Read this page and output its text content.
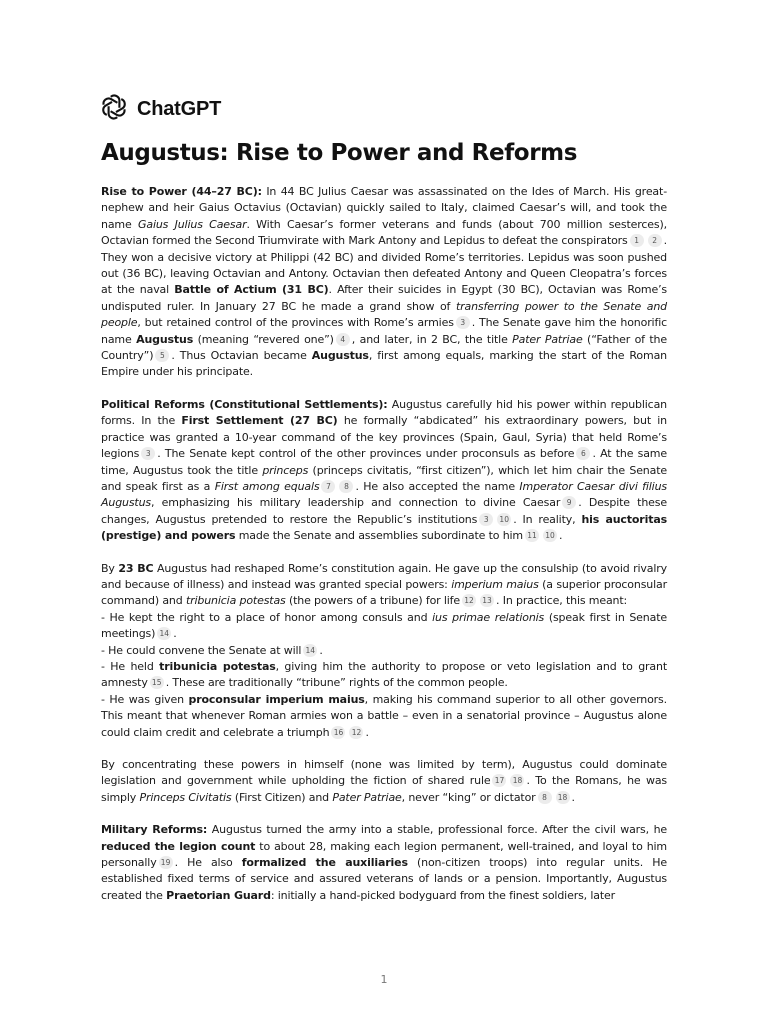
ChatGPT
Augustus: Rise to Power and Reforms

Rise to Power (44–27 BC): In 44 BC Julius Caesar was assassinated on the Ides of March. His great-nephew and heir Gaius Octavius (Octavian) quickly sailed to Italy, claimed Caesar’s will, and took the name Gaius Julius Caesar. With Caesar’s former veterans and funds (about 700 million sesterces), Octavian formed the Second Triumvirate with Mark Antony and Lepidus to defeat the conspirators 1 2 . They won a decisive victory at Philippi (42 BC) and divided Rome’s territories. Lepidus was soon pushed out (36 BC), leaving Octavian and Antony. Octavian then defeated Antony and Queen Cleopatra’s forces at the naval Battle of Actium (31 BC). After their suicides in Egypt (30 BC), Octavian was Rome’s undisputed ruler. In January 27 BC he made a grand show of transferring power to the Senate and people, but retained control of the provinces with Rome’s armies 3 . The Senate gave him the honorific name Augustus (meaning “revered one”) 4 , and later, in 2 BC, the title Pater Patriae (“Father of the Country”) 5 . Thus Octavian became Augustus, first among equals, marking the start of the Roman Empire under his principate.

Political Reforms (Constitutional Settlements): Augustus carefully hid his power within republican forms. In the First Settlement (27 BC) he formally “abdicated” his extraordinary powers, but in practice was granted a 10-year command of the key provinces (Spain, Gaul, Syria) that held Rome’s legions 3 . The Senate kept control of the other provinces under proconsuls as before 6 . At the same time, Augustus took the title princeps (princeps civitatis, “first citizen”), which let him chair the Senate and speak first as a First among equals 7 8 . He also accepted the name Imperator Caesar divi filius Augustus, emphasizing his military leadership and connection to divine Caesar 9 . Despite these changes, Augustus pretended to restore the Republic’s institutions 3 10 . In reality, his auctoritas (prestige) and powers made the Senate and assemblies subordinate to him 11 10 .

By 23 BC Augustus had reshaped Rome’s constitution again. He gave up the consulship (to avoid rivalry and because of illness) and instead was granted special powers: imperium maius (a superior proconsular command) and tribunicia potestas (the powers of a tribune) for life 12 13 . In practice, this meant:
- He kept the right to a place of honor among consuls and ius primae relationis (speak first in Senate meetings) 14 .
- He could convene the Senate at will 14 .
- He held tribunicia potestas, giving him the authority to propose or veto legislation and to grant amnesty 15 . These are traditionally “tribune” rights of the common people.
- He was given proconsular imperium maius, making his command superior to all other governors. This meant that whenever Roman armies won a battle – even in a senatorial province – Augustus alone could claim credit and celebrate a triumph 16 12 .

By concentrating these powers in himself (none was limited by term), Augustus could dominate legislation and government while upholding the fiction of shared rule 17 18 . To the Romans, he was simply Princeps Civitatis (First Citizen) and Pater Patriae, never “king” or dictator 8 18 .

Military Reforms: Augustus turned the army into a stable, professional force. After the civil wars, he reduced the legion count to about 28, making each legion permanent, well-trained, and loyal to him personally 19 . He also formalized the auxiliaries (non-citizen troops) into regular units. He established fixed terms of service and assured veterans of lands or a pension. Importantly, Augustus created the Praetorian Guard: initially a hand-picked bodyguard from the finest soldiers, later

1
